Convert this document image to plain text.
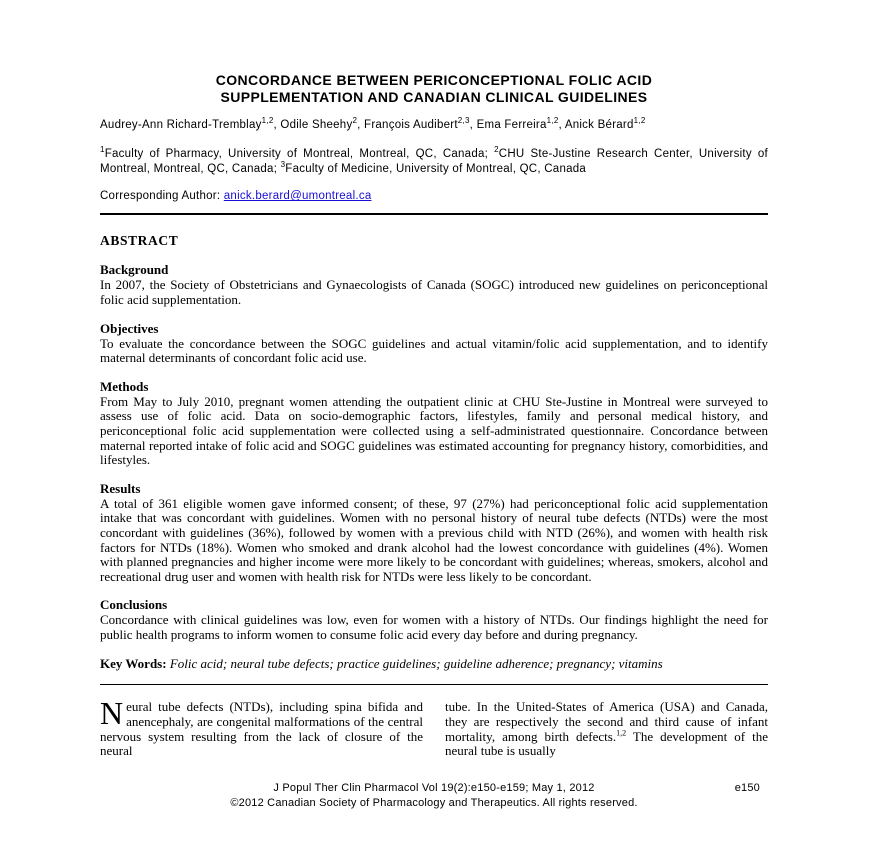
CONCORDANCE BETWEEN PERICONCEPTIONAL FOLIC ACID
SUPPLEMENTATION AND CANADIAN CLINICAL GUIDELINES
Audrey-Ann Richard-Tremblay$^{1,2}$, Odile Sheehy$^2$, François Audibert$^{2,3}$, Ema Ferreira$^{1,2}$, Anick Bérard$^{1,2}$
$^1$Faculty of Pharmacy, University of Montreal, Montreal, QC, Canada; $^2$CHU Ste-Justine Research Center, University of Montreal, Montreal, QC, Canada; $^3$Faculty of Medicine, University of Montreal, QC, Canada
Corresponding Author: anick.berard@umontreal.ca
ABSTRACT
Background

In 2007, the Society of Obstetricians and Gynaecologists of Canada (SOGC) introduced new guidelines on periconceptional folic acid supplementation.

Objectives

To evaluate the concordance between the SOGC guidelines and actual vitamin/folic acid supplementation, and to identify maternal determinants of concordant folic acid use.

Methods

From May to July 2010, pregnant women attending the outpatient clinic at CHU Ste-Justine in Montreal were surveyed to assess use of folic acid. Data on socio-demographic factors, lifestyles, family and personal medical history, and periconceptional folic acid supplementation were collected using a self-administrated questionnaire. Concordance between maternal reported intake of folic acid and SOGC guidelines was estimated accounting for pregnancy history, comorbidities, and lifestyles.

Results

A total of 361 eligible women gave informed consent; of these, 97 (27%) had periconceptional folic acid supplementation intake that was concordant with guidelines. Women with no personal history of neural tube defects (NTDs) were the most concordant with guidelines (36%), followed by women with a previous child with NTD (26%), and women with health risk factors for NTDs (18%). Women who smoked and drank alcohol had the lowest concordance with guidelines (4%). Women with planned pregnancies and higher income were more likely to be concordant with guidelines; whereas, smokers, alcohol and recreational drug user and women with health risk for NTDs were less likely to be concordant.

Conclusions

Concordance with clinical guidelines was low, even for women with a history of NTDs. Our findings highlight the need for public health programs to inform women to consume folic acid every day before and during pregnancy.

Key Words: Folic acid; neural tube defects; practice guidelines; guideline adherence; pregnancy; vitamins

Neural tube defects (NTDs), including spina bifida and anencephaly, are congenital malformations of the central nervous system resulting from the lack of closure of the neural

tube. In the United-States of America (USA) and Canada, they are respectively the second and third cause of infant mortality, among birth defects.$^{1,2}$ The development of the neural tube is usually

J Popul Ther Clin Pharmacol Vol 19(2):e150-e159; May 1, 2012
©2012 Canadian Society of Pharmacology and Therapeutics. All rights reserved.
e150
